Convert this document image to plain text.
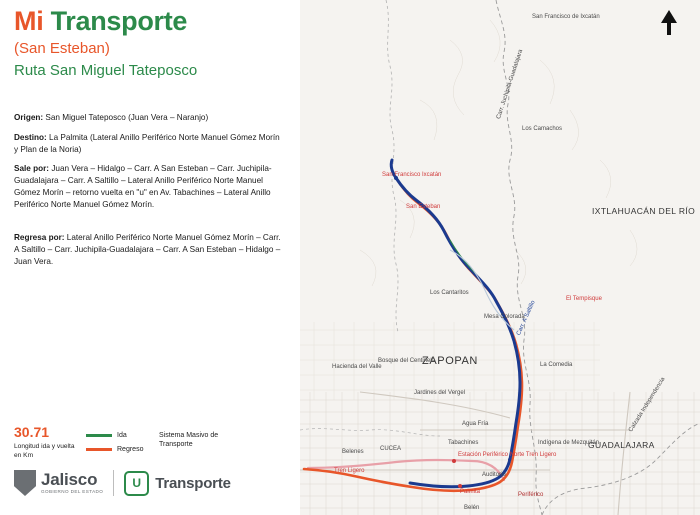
Mi Transporte
(San Esteban)
Ruta San Miguel Tateposco
Origen: San Miguel Tateposco (Juan Vera – Naranjo)
Destino: La Palmita (Lateral Anillo Periférico Norte Manuel Gómez Morín y Plan de la Noria)
Sale por: Juan Vera – Hidalgo – Carr. A San Esteban – Carr. Juchipila-Guadalajara – Carr. A Saltillo – Lateral Anillo Periférico Norte Manuel Gómez Morín – retorno vuelta en "u" en Av. Tabachines – Lateral Anillo Periférico Norte Manuel Gómez Morín.
Regresa por: Lateral Anillo Periférico Norte Manuel Gómez Morín – Carr. A Saltillo – Carr. Juchipila-Guadalajara – Carr. A San Esteban – Hidalgo – Juan Vera.
30.71
Longitud ida y vuelta en Km
Ida
Regreso
Sistema Masivo de Transporte
Jalisco
GOBIERNO DEL ESTADO
U Transporte
San Francisco de Ixcatán
San Francisco Ixcatán
San Esteban
Los Camachos
IXTLAHUACÁN DEL RÍO
El Tempisque
Los Cantaritos
Mesa Colorada
La Comedia
ZAPOPAN
Hacienda del Valle
Bosque del Centinela
Jardines del Vergel
Agua Fría
Tabachines
CUCEA
Estación Periférico Norte Tren Ligero
Auditorio
GUADALAJARA
Indígena de Mezquitán
Belenes
Tren Ligero
Palmita	Periférico
Belén
Carr. A Saltillo
Carr. Juchipila-Guadalajara
Calzada Independencia
